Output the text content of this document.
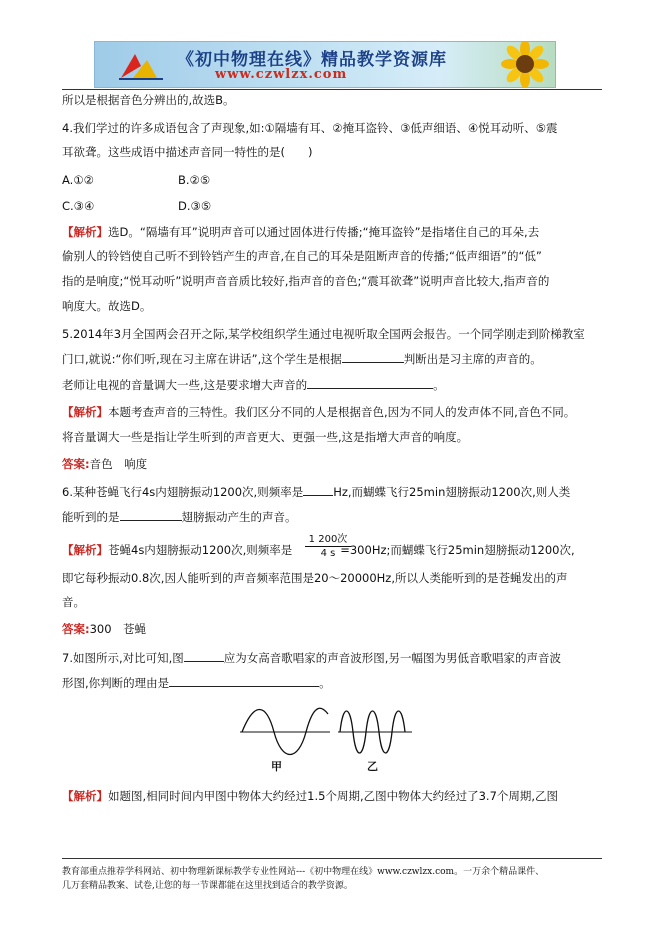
《初中物理在线》精品教学资源库
www.czwlzx.com
所以是根据音色分辨出的,故选B。
4.我们学过的许多成语包含了声现象,如:①隔墙有耳、②掩耳盗铃、③低声细语、④悦耳动听、⑤震
耳欲聋。这些成语中描述声音同一特性的是(　　)
A.①②	B.②⑤
C.③④	D.③⑤
【解析】选D。“隔墙有耳”说明声音可以通过固体进行传播;“掩耳盗铃”是指堵住自己的耳朵,去
偷别人的铃铛使自己听不到铃铛产生的声音,在自己的耳朵是阻断声音的传播;“低声细语”的“低”
指的是响度;“悦耳动听”说明声音音质比较好,指声音的音色;“震耳欲聋”说明声音比较大,指声音的
响度大。故选D。
5.2014年3月全国两会召开之际,某学校组织学生通过电视听取全国两会报告。一个同学刚走到阶梯教室
门口,就说:“你们听,现在习主席在讲话”,这个学生是根据	判断出是习主席的声音的。
老师让电视的音量调大一些,这是要求增大声音的	。
【解析】本题考查声音的三特性。我们区分不同的人是根据音色,因为不同人的发声体不同,音色不同。
将音量调大一些是指让学生听到的声音更大、更强一些,这是指增大声音的响度。
答案:音色　响度
6.某种苍蝇飞行4s内翅膀振动1200次,则频率是	Hz,而蝴蝶飞行25min翅膀振动1200次,则人类
能听到的是	翅膀振动产生的声音。
【解析】苍蝇4s内翅膀振动1200次,则频率是	=300Hz;而蝴蝶飞行25min翅膀振动1200次,
1 200次
4 s
即它每秒振动0.8次,因人能听到的声音频率范围是20～20000Hz,所以人类能听到的是苍蝇发出的声
音。
答案:300　苍蝇
7.如图所示,对比可知,图	应为女高音歌唱家的声音波形图,另一幅图为男低音歌唱家的声音波
形图,你判断的理由是	。
甲	乙
【解析】如题图,相同时间内甲图中物体大约经过1.5个周期,乙图中物体大约经过了3.7个周期,乙图
教育部重点推荐学科网站、初中物理新课标教学专业性网站---《初中物理在线》www.czwlzx.com。一万余个精品课件、
几万套精品教案、试卷,让您的每一节课都能在这里找到适合的教学资源。
